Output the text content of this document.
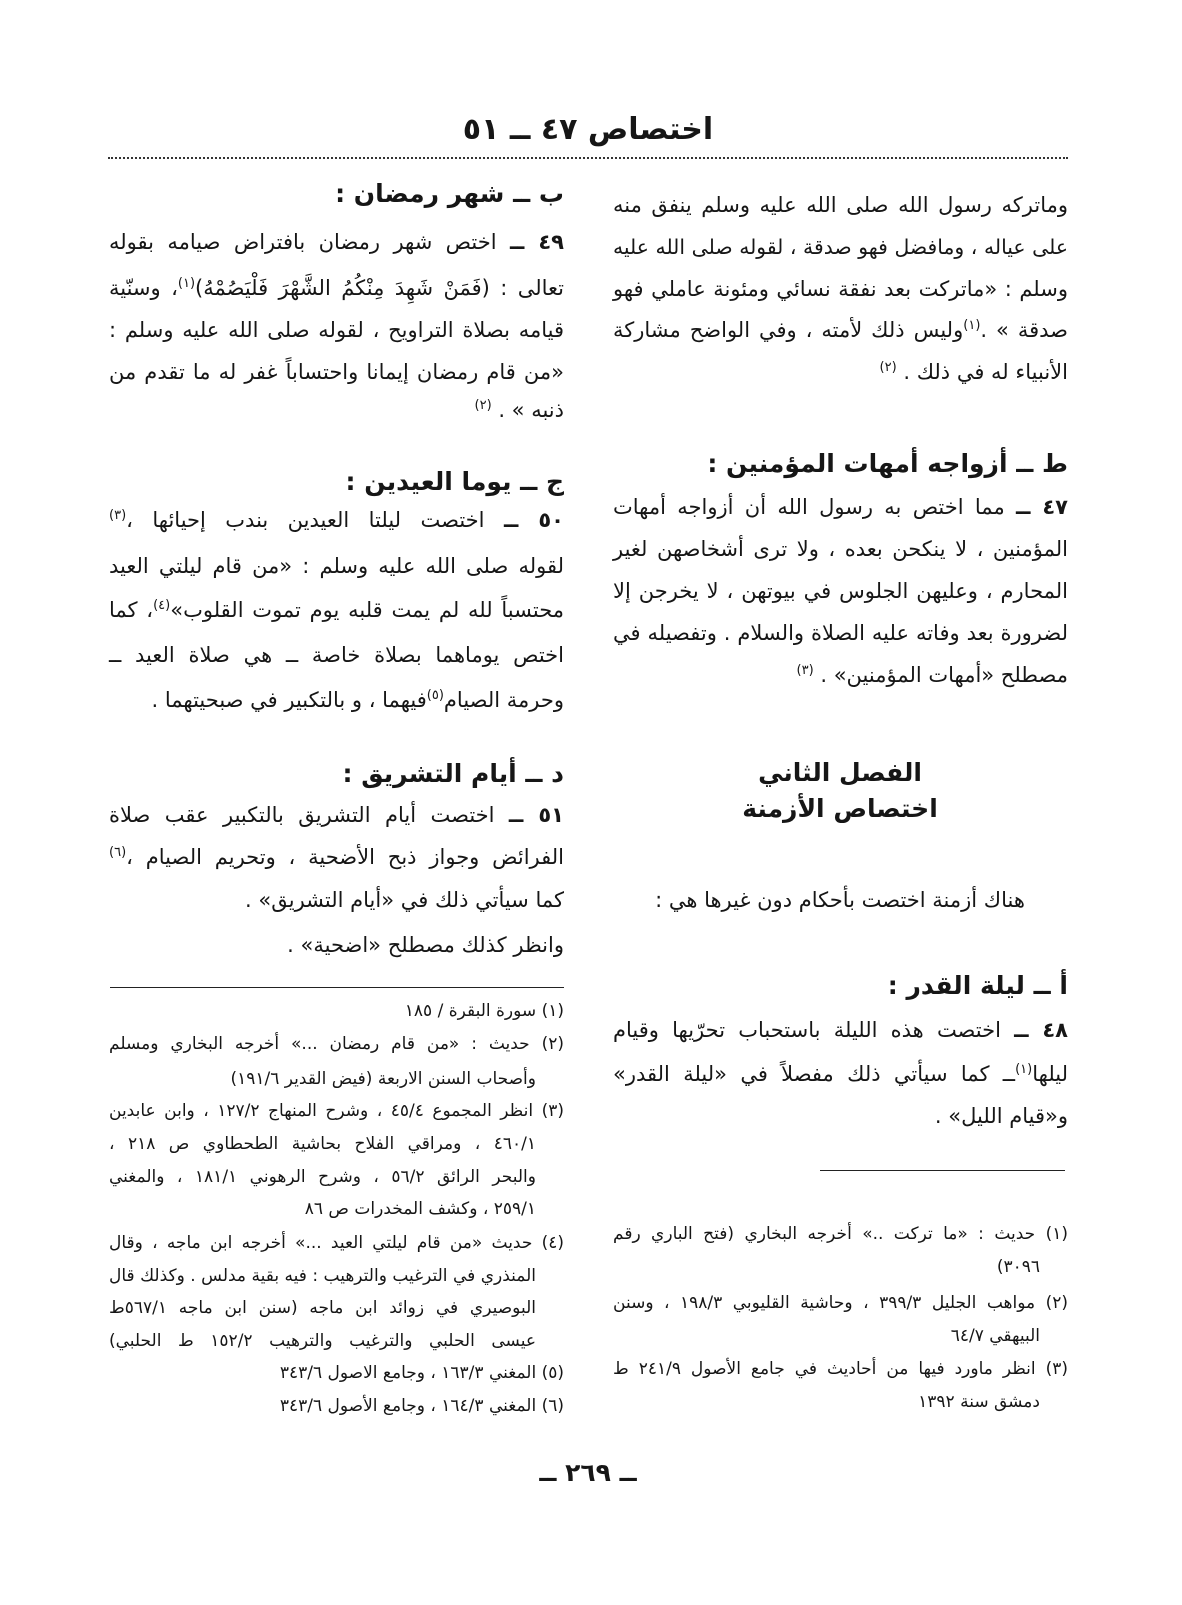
اختصاص ٤٧ ــ ٥١
وماتركه رسول الله صلى الله عليه وسلم ينفق منه
على عياله ، ومافضل فهو صدقة ، لقوله صلى الله عليه
وسلم : «ماتركت بعد نفقة نسائي ومئونة عاملي فهو
صدقة » .$^{(١)}$وليس ذلك لأمته ، وفي الواضح مشاركة
الأنبياء له في ذلك . $^{(٢)}$
ط ــ أزواجه أمهات المؤمنين :
٤٧ ــ مما اختص به رسول الله أن أزواجه أمهات
المؤمنين ، لا ينكحن بعده ، ولا ترى أشخاصهن لغير
المحارم ، وعليهن الجلوس في بيوتهن ، لا يخرجن إلا
لضرورة بعد وفاته عليه الصلاة والسلام . وتفصيله في
مصطلح «أمهات المؤمنين» . $^{(٣)}$
الفصل الثاني
اختصاص الأزمنة
هناك أزمنة اختصت بأحكام دون غيرها هي :
أ ــ ليلة القدر :
٤٨ ــ اختصت هذه الليلة باستحباب تحرّيها وقيام
ليلها$^{(١)}$ــ كما سيأتي ذلك مفصلاً في «ليلة القدر»
و«قيام الليل» .
(١) حديث : «ما تركت ..» أخرجه البخاري (فتح الباري رقم
٣٠٩٦)
(٢) مواهب الجليل ٣٩٩/٣ ، وحاشية القليوبي ١٩٨/٣ ، وسنن
البيهقي ٦٤/٧
(٣) انظر ماورد فيها من أحاديث في جامع الأصول ٢٤١/٩ ط
دمشق سنة ١٣٩٢
ب ــ شهر رمضان :
٤٩ ــ اختص شهر رمضان بافتراض صيامه بقوله
تعالى : (فَمَنْ شَهِدَ مِنْكُمُ الشَّهْرَ فَلْيَصُمْهُ)$^{(١)}$، وسنّية
قيامه بصلاة التراويح ، لقوله صلى الله عليه وسلم :
«من قام رمضان إيمانا واحتساباً غفر له ما تقدم من
ذنبه » . $^{(٢)}$
ج ــ يوما العيدين :
٥٠ ــ اختصت ليلتا العيدين بندب إحيائها ،$^{(٣)}$
لقوله صلى الله عليه وسلم : «من قام ليلتي العيد
محتسباً لله لم يمت قلبه يوم تموت القلوب»$^{(٤)}$، كما
اختص يوماهما بصلاة خاصة ــ هي صلاة العيد ــ
وحرمة الصيام$^{(٥)}$فيهما ، و بالتكبير في صبحيتهما .
د ــ أيام التشريق :
٥١ ــ اختصت أيام التشريق بالتكبير عقب صلاة
الفرائض وجواز ذبح الأضحية ، وتحريم الصيام ،$^{(٦)}$
كما سيأتي ذلك في «أيام التشريق» .
وانظر كذلك مصطلح «اضحية» .
(١) سورة البقرة / ١٨٥
(٢) حديث : «من قام رمضان ...» أخرجه البخاري ومسلم
وأصحاب السنن الاربعة (فيض القدير ١٩١/٦)
(٣) انظر المجموع ٤٥/٤ ، وشرح المنهاج ١٢٧/٢ ، وابن عابدين
٤٦٠/١ ، ومراقي الفلاح بحاشية الطحطاوي ص ٢١٨ ،
والبحر الرائق ٥٦/٢ ، وشرح الرهوني ١٨١/١ ، والمغني
٢٥٩/١ ، وكشف المخدرات ص ٨٦
(٤) حديث «من قام ليلتي العيد ...» أخرجه ابن ماجه ، وقال
المنذري في الترغيب والترهيب : فيه بقية مدلس . وكذلك قال
البوصيري في زوائد ابن ماجه (سنن ابن ماجه ٥٦٧/١ط
عيسى الحلبي والترغيب والترهيب ١٥٢/٢ ط الحلبي)
(٥) المغني ١٦٣/٣ ، وجامع الاصول ٣٤٣/٦
(٦) المغني ١٦٤/٣ ، وجامع الأصول ٣٤٣/٦
ــ ٢٦٩ ــ
